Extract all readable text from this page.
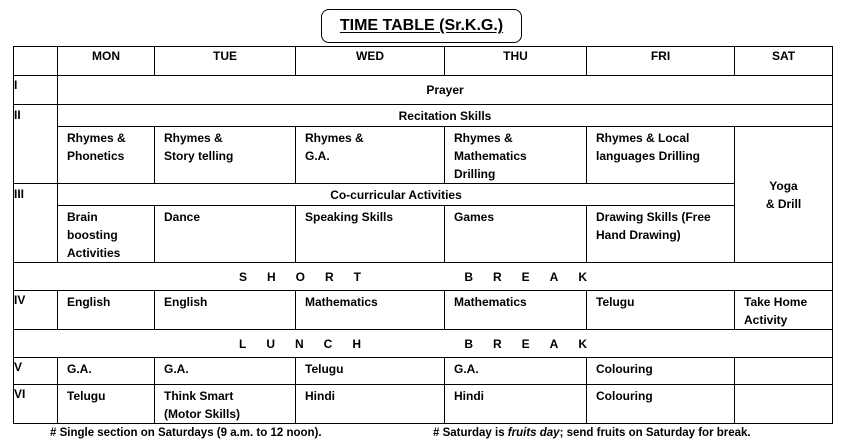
TIME TABLE (Sr.K.G.)
	MON	TUE	WED	THU	FRI	SAT
I	Prayer					
II	Recitation Skills					

	Rhymes & Phonetics	Rhymes & Story telling	Rhymes & G.A.	Rhymes & Mathematics Drilling	Rhymes & Local languages Drilling	Yoga & Drill

III	Co-curricular Activities					

	Brain boosting Activities	Dance	Speaking Skills	Games	Drawing Skills (Free Hand Drawing)	

SHORT BREAK						
IV	English	English	Mathematics	Mathematics	Telugu	Take Home Activity

LUNCH BREAK						
V	G.A.	G.A.	Telugu	G.A.	Colouring	

VI	Telugu	Think Smart (Motor Skills)	Hindi	Hindi	Colouring	

# Single section on Saturdays (9 a.m. to 12 noon).	# Saturday is fruits day; send fruits on Saturday for break.
